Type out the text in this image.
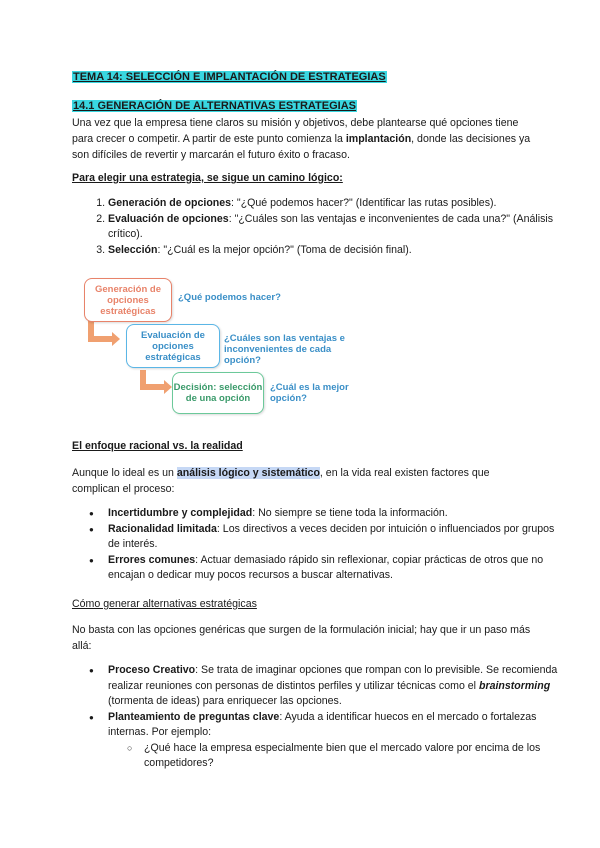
TEMA 14: SELECCIÓN E IMPLANTACIÓN DE ESTRATEGIAS
14.1 GENERACIÓN DE ALTERNATIVAS ESTRATEGIAS
Una vez que la empresa tiene claros su misión y objetivos, debe plantearse qué opciones tiene para crecer o competir. A partir de este punto comienza la implantación, donde las decisiones ya son difíciles de revertir y marcarán el futuro éxito o fracaso.
Para elegir una estrategia, se sigue un camino lógico:
1. Generación de opciones: "¿Qué podemos hacer?" (Identificar las rutas posibles).
2. Evaluación de opciones: "¿Cuáles son las ventajas e inconvenientes de cada una?" (Análisis crítico).
3. Selección: "¿Cuál es la mejor opción?" (Toma de decisión final).
Generación de opciones estratégicas
¿Qué podemos hacer?
Evaluación de opciones estratégicas
¿Cuáles son las ventajas e inconvenientes de cada opción?
Decisión: selección de una opción
¿Cuál es la mejor opción?
El enfoque racional vs. la realidad
Aunque lo ideal es un análisis lógico y sistemático, en la vida real existen factores que complican el proceso:
● Incertidumbre y complejidad: No siempre se tiene toda la información.
● Racionalidad limitada: Los directivos a veces deciden por intuición o influenciados por grupos de interés.
● Errores comunes: Actuar demasiado rápido sin reflexionar, copiar prácticas de otros que no encajan o dedicar muy pocos recursos a buscar alternativas.
Cómo generar alternativas estratégicas
No basta con las opciones genéricas que surgen de la formulación inicial; hay que ir un paso más allá:
● Proceso Creativo: Se trata de imaginar opciones que rompan con lo previsible. Se recomienda realizar reuniones con personas de distintos perfiles y utilizar técnicas como el brainstorming (tormenta de ideas) para enriquecer las opciones.
● Planteamiento de preguntas clave: Ayuda a identificar huecos en el mercado o fortalezas internas. Por ejemplo:
○ ¿Qué hace la empresa especialmente bien que el mercado valore por encima de los competidores?
